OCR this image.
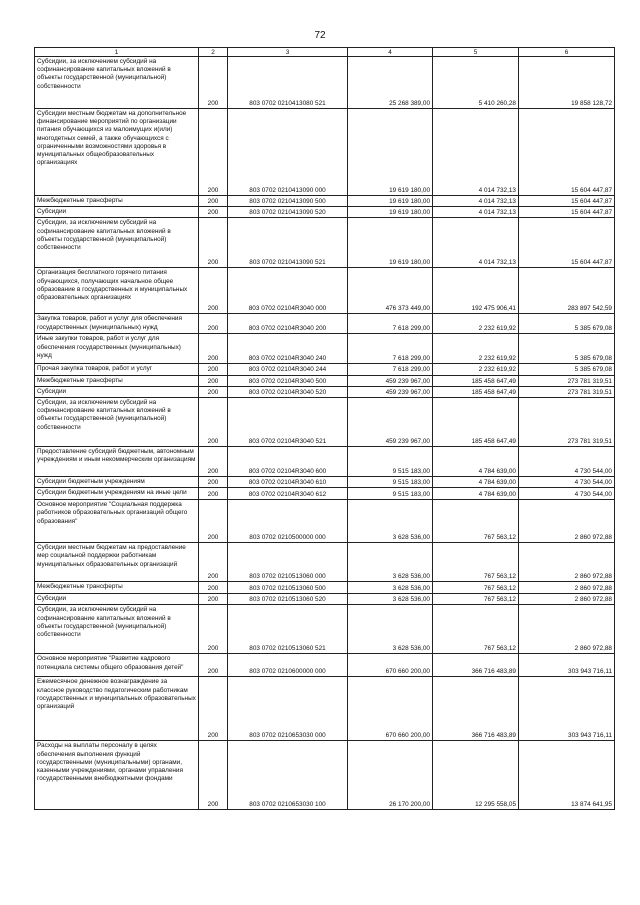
72
1	2	3	4	5	6
Субсидии, за исключением субсидий на софинансирование капитальных вложений в объекты государственной (муниципальной) собственности	200	803 0702 0210413080 521	25 268 389,00	5 410 260,28	19 858 128,72
Субсидии местным бюджетам на дополнительное финансирование мероприятий по организации питания обучающихся из малоимущих и(или) многодетных семей, а также обучающихся с ограниченными возможностями здоровья в муниципальных общеобразовательных организациях	200	803 0702 0210413090 000	19 619 180,00	4 014 732,13	15 604 447,87
Межбюджетные трансферты	200	803 0702 0210413090 500	19 619 180,00	4 014 732,13	15 604 447,87
Субсидии	200	803 0702 0210413090 520	19 619 180,00	4 014 732,13	15 604 447,87
Субсидии, за исключением субсидий на софинансирование капитальных вложений в объекты государственной (муниципальной) собственности	200	803 0702 0210413090 521	19 619 180,00	4 014 732,13	15 604 447,87
Организация бесплатного горячего питания обучающихся, получающих начальное общее образование в государственных и муниципальных образовательных организациях	200	803 0702 02104R3040 000	476 373 449,00	192 475 906,41	283 897 542,59
Закупка товаров, работ и услуг для обеспечения государственных (муниципальных) нужд	200	803 0702 02104R3040 200	7 618 299,00	2 232 619,92	5 385 679,08
Иные закупки товаров, работ и услуг для обеспечения государственных (муниципальных) нужд	200	803 0702 02104R3040 240	7 618 299,00	2 232 619,92	5 385 679,08
Прочая закупка товаров, работ и услуг	200	803 0702 02104R3040 244	7 618 299,00	2 232 619,92	5 385 679,08
Межбюджетные трансферты	200	803 0702 02104R3040 500	459 239 967,00	185 458 647,49	273 781 319,51
Субсидии	200	803 0702 02104R3040 520	459 239 967,00	185 458 647,49	273 781 319,51
Субсидии, за исключением субсидий на софинансирование капитальных вложений в объекты государственной (муниципальной) собственности	200	803 0702 02104R3040 521	459 239 967,00	185 458 647,49	273 781 319,51
Предоставление субсидий бюджетным, автономным учреждениям и иным некоммерческим организациям	200	803 0702 02104R3040 600	9 515 183,00	4 784 639,00	4 730 544,00
Субсидии бюджетным учреждениям	200	803 0702 02104R3040 610	9 515 183,00	4 784 639,00	4 730 544,00
Субсидии бюджетным учреждениям на иные цели	200	803 0702 02104R3040 612	9 515 183,00	4 784 639,00	4 730 544,00
Основное мероприятие "Социальная поддержка работников образовательных организаций общего образования"	200	803 0702 0210500000 000	3 628 536,00	767 563,12	2 860 972,88
Субсидии местным бюджетам на предоставление мер социальной поддержки работникам муниципальных образовательных организаций	200	803 0702 0210513060 000	3 628 536,00	767 563,12	2 860 972,88
Межбюджетные трансферты	200	803 0702 0210513060 500	3 628 536,00	767 563,12	2 860 972,88
Субсидии	200	803 0702 0210513060 520	3 628 536,00	767 563,12	2 860 972,88
Субсидии, за исключением субсидий на софинансирование капитальных вложений в объекты государственной (муниципальной) собственности	200	803 0702 0210513060 521	3 628 536,00	767 563,12	2 860 972,88
Основное мероприятие "Развитие кадрового потенциала системы общего образования детей"	200	803 0702 0210600000 000	670 660 200,00	366 716 483,89	303 943 716,11
Ежемесячное денежное вознаграждение за классное руководство педагогическим работникам государственных и муниципальных образовательных организаций	200	803 0702 0210653030 000	670 660 200,00	366 716 483,89	303 943 716,11
Расходы на выплаты персоналу в целях обеспечения выполнения функций государственными (муниципальными) органами, казенными учреждениями, органами управления государственными внебюджетными фондами	200	803 0702 0210653030 100	26 170 200,00	12 295 558,05	13 874 641,95
